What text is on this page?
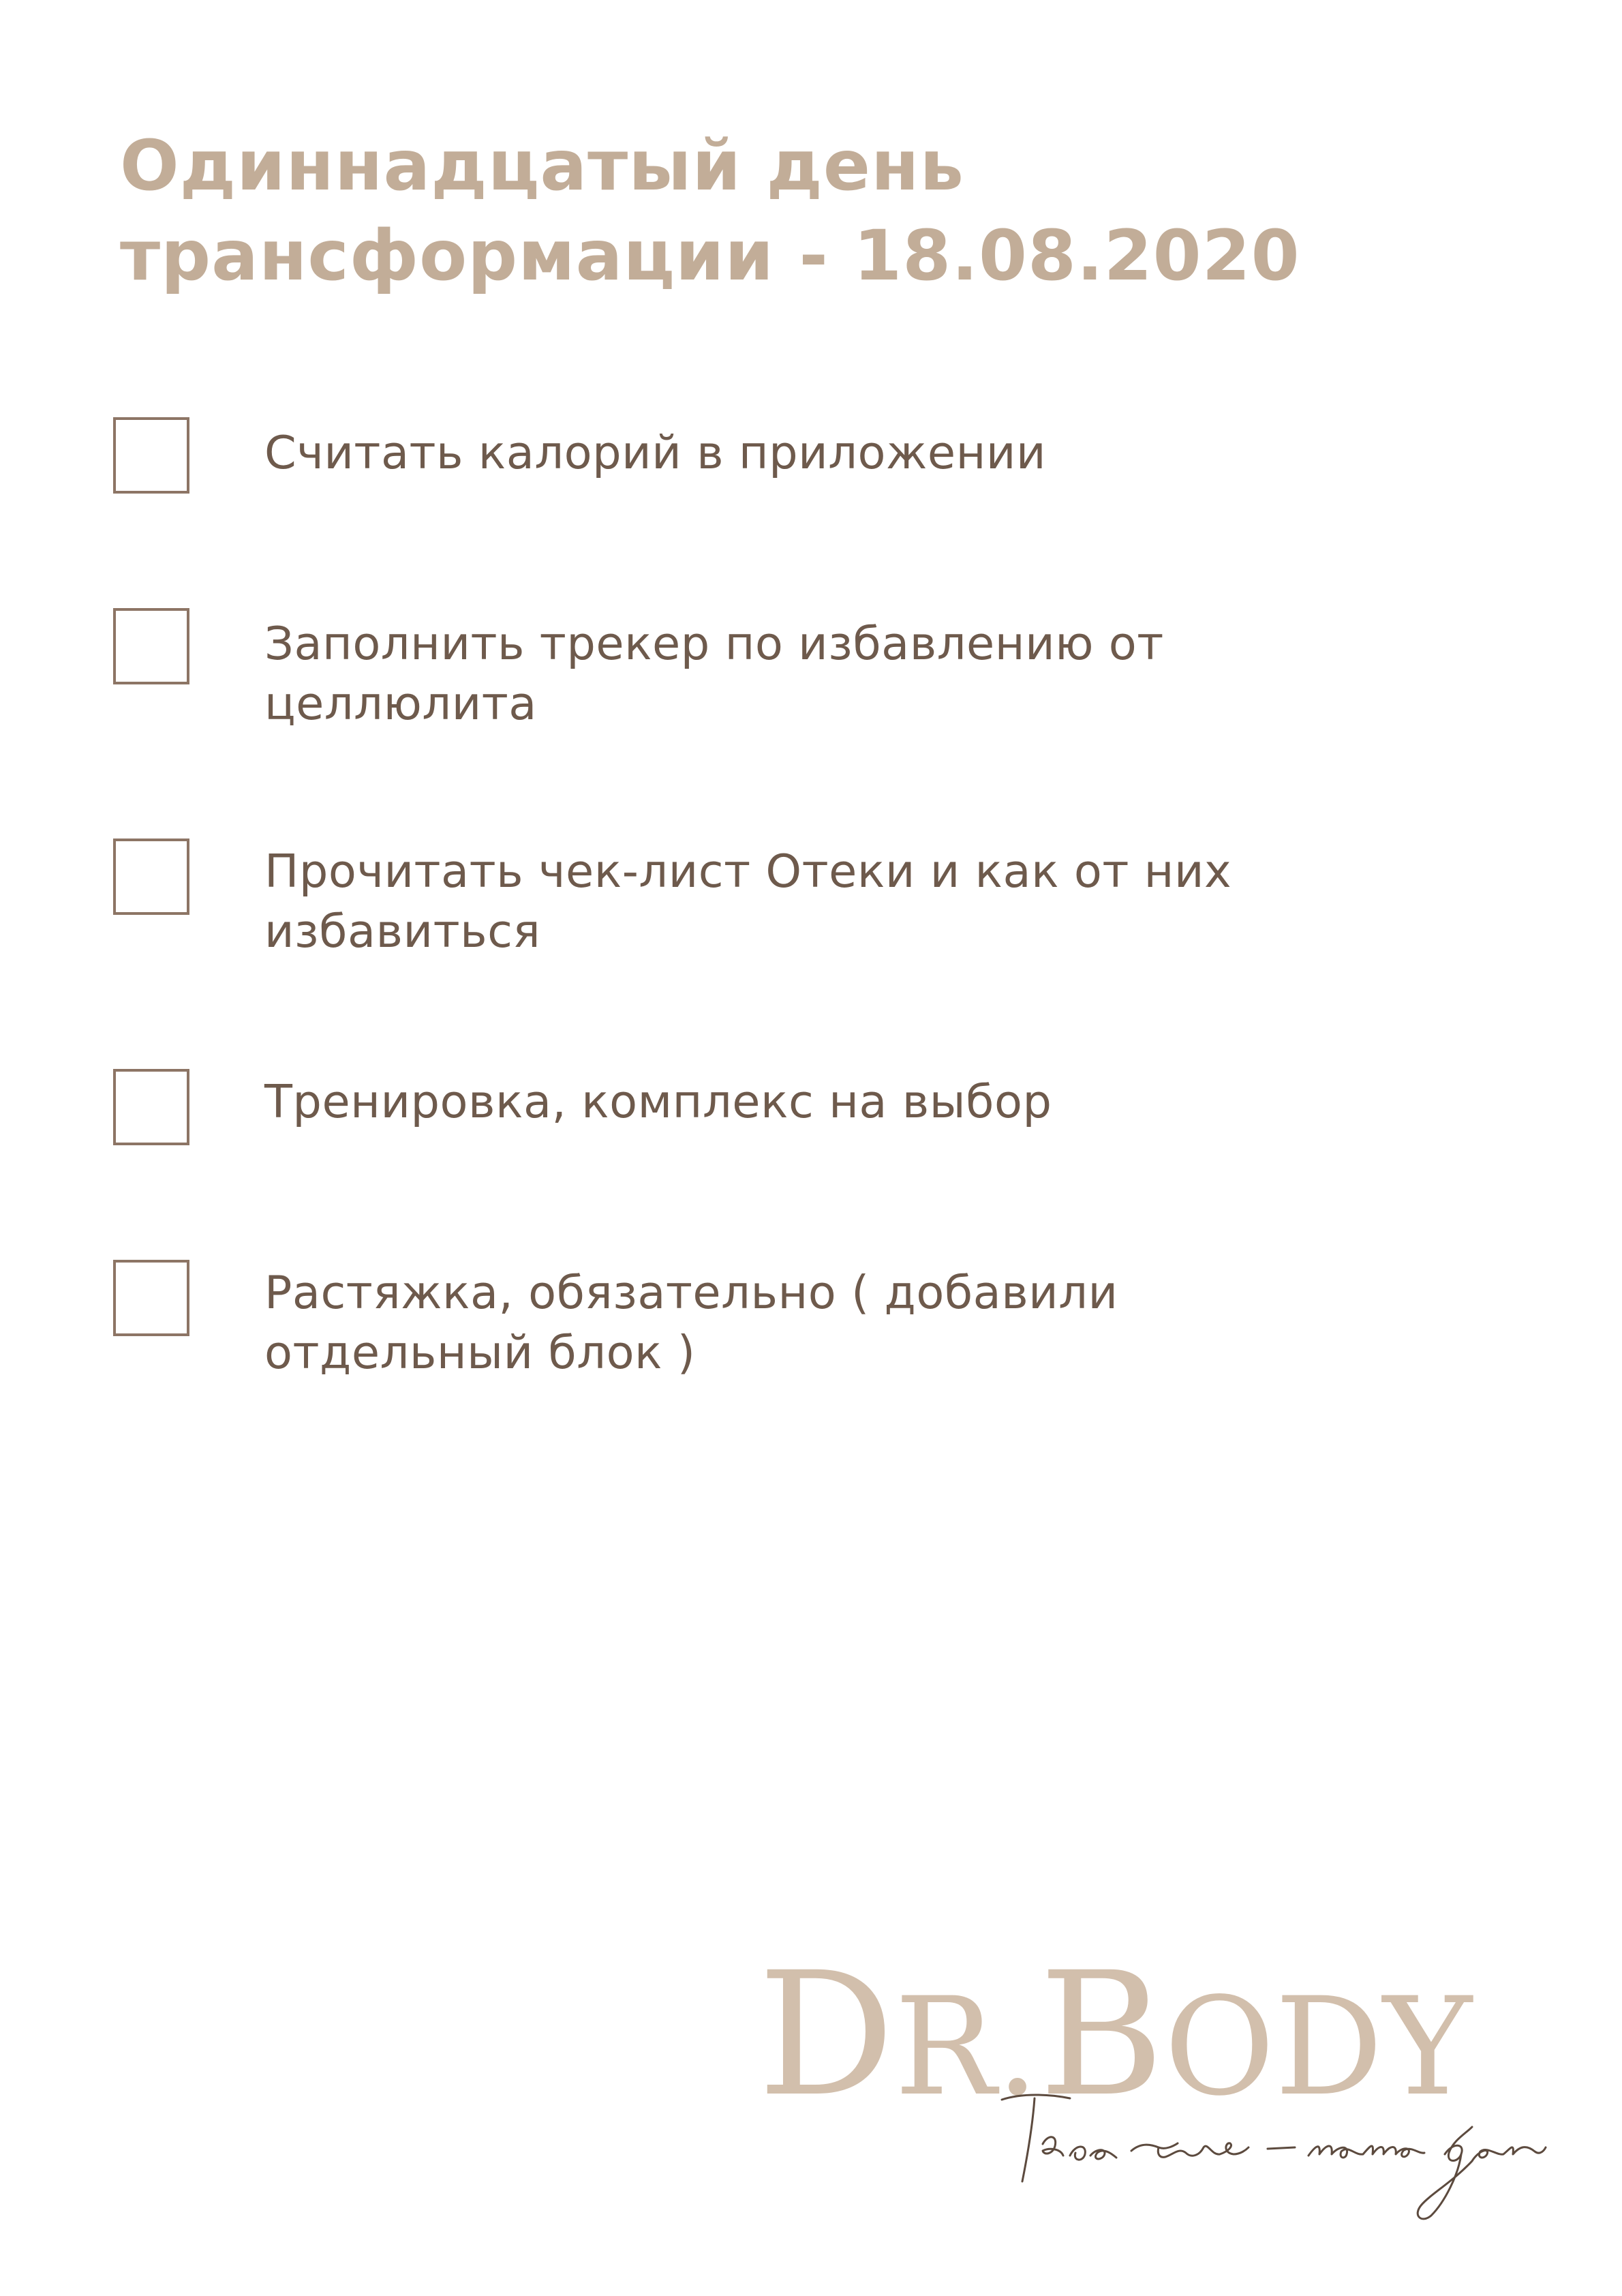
Одиннадцатый день
трансформации - 18.08.2020
Считать калорий в приложении
Заполнить трекер по избавлению от
целлюлита
Прочитать чек-лист Отеки и как от них
избавиться
Тренировка, комплекс на выбор
Растяжка, обязательно ( добавили
отдельный блок )
DR.BODY
